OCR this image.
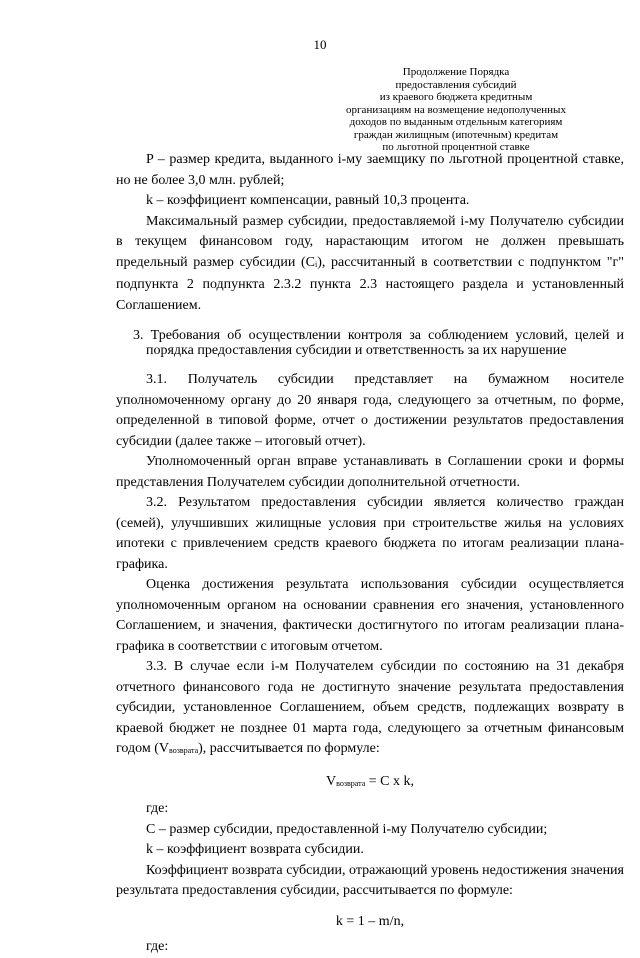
10
Продолжение Порядка
предоставления субсидий
из краевого бюджета кредитным
организациям на возмещение недополученных
доходов по выданным отдельным категориям
граждан жилищным (ипотечным) кредитам
по льготной процентной ставке

P – размер кредита, выданного i-му заемщику по льготной процентной ставке, но не более 3,0 млн. рублей;

k – коэффициент компенсации, равный 10,3 процента.

Максимальный размер субсидии, предоставляемой i-му Получателю субсидии в текущем финансовом году, нарастающим итогом не должен превышать предельный размер субсидии $(C_i)$, рассчитанный в соответствии с подпунктом "г" подпункта 2 подпункта 2.3.2 пункта 2.3 настоящего раздела и установленный Соглашением.

3. Требования об осуществлении контроля за соблюдением условий, целей и порядка предоставления субсидии и ответственность за их нарушение

3.1. Получатель субсидии представляет на бумажном носителе уполномоченному органу до 20 января года, следующего за отчетным, по форме, определенной в типовой форме, отчет о достижении результатов предоставления субсидии (далее также – итоговый отчет).

Уполномоченный орган вправе устанавливать в Соглашении сроки и формы представления Получателем субсидии дополнительной отчетности.

3.2. Результатом предоставления субсидии является количество граждан (семей), улучшивших жилищные условия при строительстве жилья на условиях ипотеки с привлечением средств краевого бюджета по итогам реализации плана-графика.

Оценка достижения результата использования субсидии осуществляется уполномоченным органом на основании сравнения его значения, установленного Соглашением, и значения, фактически достигнутого по итогам реализации плана-графика в соответствии с итоговым отчетом.

3.3. В случае если i-м Получателем субсидии по состоянию на 31 декабря отчетного финансового года не достигнуто значение результата предоставления субсидии, установленное Соглашением, объем средств, подлежащих возврату в краевой бюджет не позднее 01 марта года, следующего за отчетным финансовым годом $(V_{возврата})$, рассчитывается по формуле:

$V_{возврата} = C$ x k,

где:

C – размер субсидии, предоставленной i-му Получателю субсидии;

k – коэффициент возврата субсидии.

Коэффициент возврата субсидии, отражающий уровень недостижения значения результата предоставления субсидии, рассчитывается по формуле:

k = 1 – m/n,

где:
